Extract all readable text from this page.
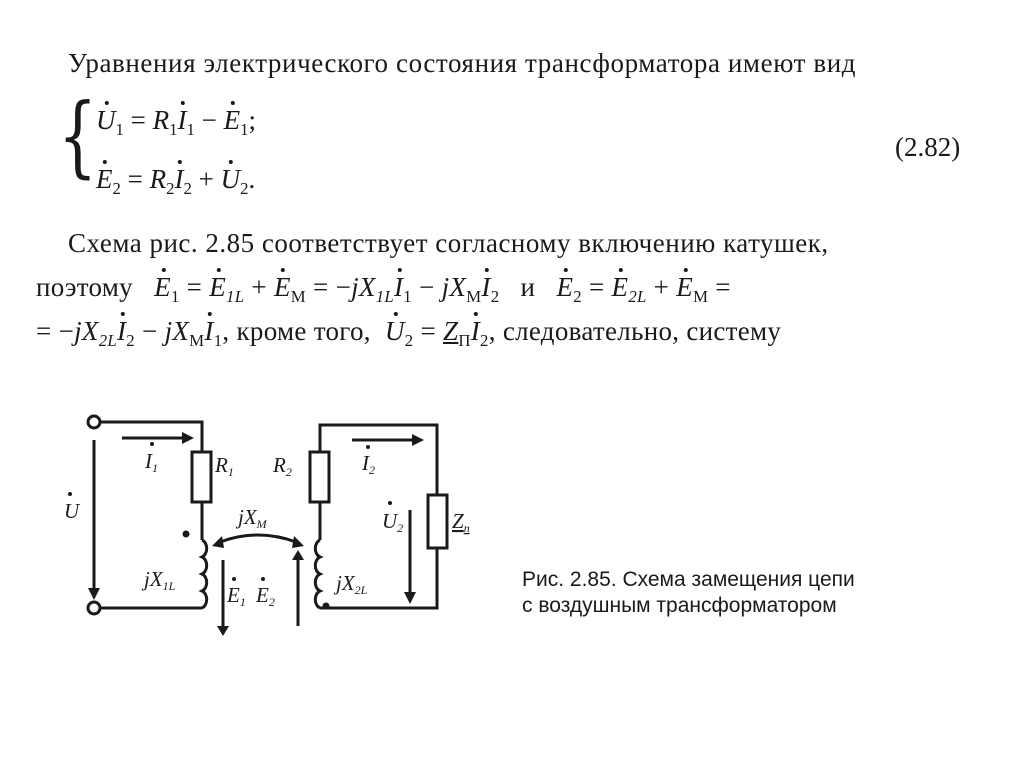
Уравнения электрического состояния трансформатора имеют вид
{
$U_1 = R_1I_1 - E_1$;
$E_2 = R_2I_2 + U_2$.
(2.82)
Схема рис. 2.85 соответствует согласному включению катушек,
поэтому $E_1 = E_{1L} + E_М = -jX_{1L}I_1 - jX_МI_2$ и $E_2 = E_{2L} + E_М$ =
= $-jX_{2L}I_2 - jX_МI_1$, кроме того, $U_2 = Z_ПI_2$, следовательно, систему
I1	R1 R2	I2
U	U2 Zп
jXM
jX1L	jX2L
E1 E2
Рис. 2.85. Схема замещения цепи
с воздушным трансформатором
